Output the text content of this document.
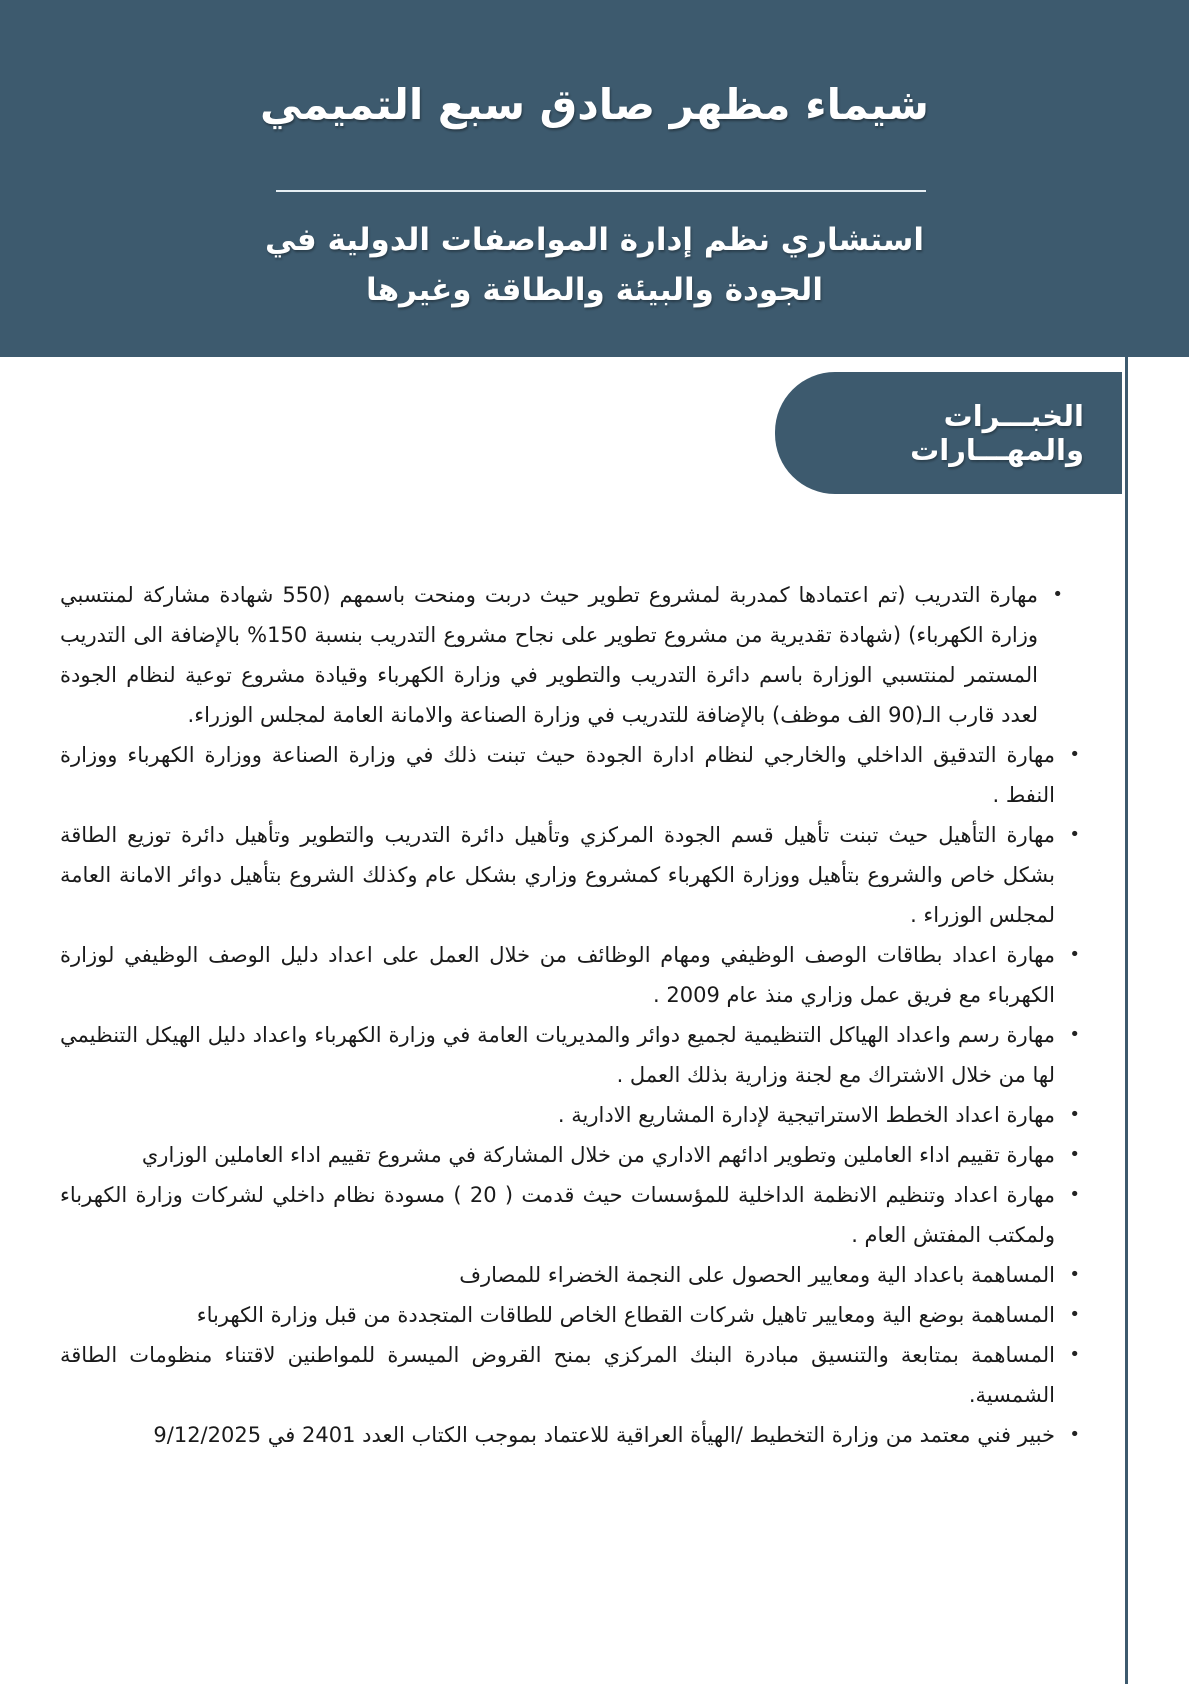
شيماء مظهر صادق سبع التميمي
استشاري نظم إدارة المواصفات الدولية في
الجودة والبيئة والطاقة وغيرها
الخبـــرات والمهـــارات
• مهارة التدريب (تم اعتمادها كمدربة لمشروع تطوير حيث دربت ومنحت باسمهم (550 شهادة مشاركة لمنتسبي وزارة الكهرباء) (شهادة تقديرية من مشروع تطوير على نجاح مشروع التدريب بنسبة 150% بالإضافة الى التدريب المستمر لمنتسبي الوزارة باسم دائرة التدريب والتطوير في وزارة الكهرباء وقيادة مشروع توعية لنظام الجودة لعدد قارب الـ(90 الف موظف) بالإضافة للتدريب في وزارة الصناعة والامانة العامة لمجلس الوزراء.
• مهارة التدقيق الداخلي والخارجي لنظام ادارة الجودة حيث تبنت ذلك في وزارة الصناعة ووزارة الكهرباء ووزارة النفط .
• مهارة التأهيل حيث تبنت تأهيل قسم الجودة المركزي وتأهيل دائرة التدريب والتطوير وتأهيل دائرة توزيع الطاقة بشكل خاص والشروع بتأهيل ووزارة الكهرباء كمشروع وزاري بشكل عام وكذلك الشروع بتأهيل دوائر الامانة العامة لمجلس الوزراء .
• مهارة اعداد بطاقات الوصف الوظيفي ومهام الوظائف من خلال العمل على اعداد دليل الوصف الوظيفي لوزارة الكهرباء مع فريق عمل وزاري منذ عام 2009 .
• مهارة رسم واعداد الهياكل التنظيمية لجميع دوائر والمديريات العامة في وزارة الكهرباء واعداد دليل الهيكل التنظيمي لها من خلال الاشتراك مع لجنة وزارية بذلك العمل .
• مهارة اعداد الخطط الاستراتيجية لإدارة المشاريع الادارية .
• مهارة تقييم اداء العاملين وتطوير ادائهم الاداري من خلال المشاركة في مشروع تقييم اداء العاملين الوزاري
• مهارة اعداد وتنظيم الانظمة الداخلية للمؤسسات حيث قدمت ( 20 ) مسودة نظام داخلي لشركات وزارة الكهرباء ولمكتب المفتش العام .
• المساهمة باعداد الية ومعايير الحصول على النجمة الخضراء للمصارف
• المساهمة بوضع الية ومعايير تاهيل شركات القطاع الخاص للطاقات المتجددة من قبل وزارة الكهرباء
• المساهمة بمتابعة والتنسيق مبادرة البنك المركزي بمنح القروض الميسرة للمواطنين لاقتناء منظومات الطاقة الشمسية.
• خبير فني معتمد من وزارة التخطيط /الهيأة العراقية للاعتماد بموجب الكتاب العدد 2401 في 9/12/2025
